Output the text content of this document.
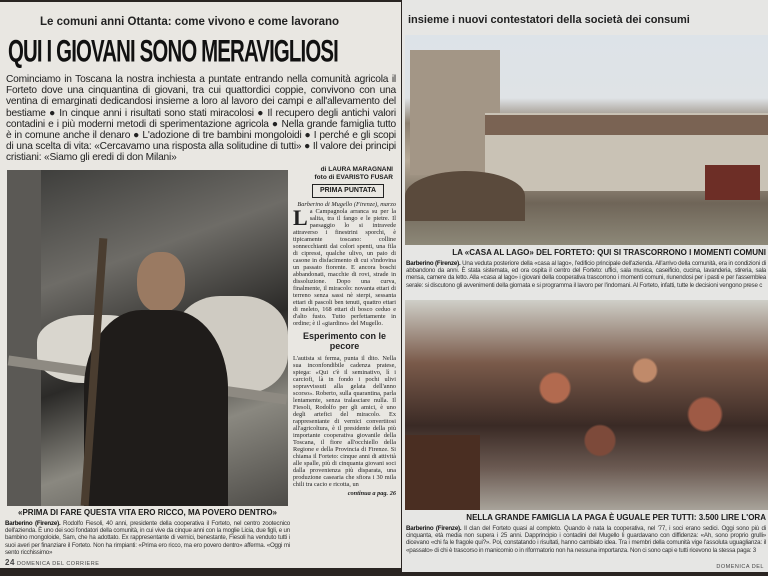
Le comuni anni Ottanta: come vivono e come lavorano
QUI I GIOVANI SONO MERAVIGLIOSI
Cominciamo in Toscana la nostra inchiesta a puntate entrando nella comunità agricola il Forteto dove una cinquantina di giovani, tra cui quattordici coppie, convivono con una ventina di emarginati dedicandosi insieme a loro al lavoro dei campi e all'allevamento del bestiame ● In cinque anni i risultati sono stati miracolosi ● Il recupero degli antichi valori contadini e i più moderni metodi di sperimentazione agricola ● Nella grande famiglia tutto è in comune anche il denaro ● L'adozione di tre bambini mongoloidi ● I perché e gli scopi di una scelta di vita: «Cercavamo una risposta alla solitudine di tutti» ● Il valore dei principi cristiani: «Siamo gli eredi di don Milani»
di LAURA MARAGNANI
foto di EVARISTO FUSAR
PRIMA PUNTATA
Barberino di Mugello (Firenze), marzo
L a Campagnola arranca su per la salita, tra il fango e le pietre. Il paesaggio lo si intravede attraverso i finestrini sporchi, è tipicamente toscano: colline sonnecchianti dai colori spenti, una fila di cipressi, qualche ulivo, un paio di casone in disfacimento di cui s'indovina un passato fiorente. E ancora boschi abbandonati, macchie di rovi, strade in dissoluzione. Dopo una curva, finalmente, il miracolo: novanta ettari di terreno senza sassi nè sterpi, sessanta ettari di pascoli ben tenuti, quattro ettari di meleto, 168 ettari di bosco ceduo e d'alto fusto. Tutto perfettamente in ordine; è il «giardino» del Mugello.
Esperimento con le pecore
L'autista si ferma, punta il dito. Nella sua inconfondibile cadenza pratese, spiega: «Qui c'è il seminativo, lì i carciofi, là in fondo i pochi ulivi sopravvissuti alla gelata dell'anno scorso». Roberto, sulla quarantina, parla lentamente, senza tralasciare nulla. Il Fiesoli, Rodolfo per gli amici, è uno degli artefici del miracolo. Ex rappresentante di vernici convertitosi all'agricoltura, è il presidente della più importante cooperativa giovanile della Toscana, il fiore all'occhiello della Regione e della Provincia di Firenze. Si chiama il Forteto: cinque anni di attività alle spalle, più di cinquanta giovani soci dalla provenienza più disparata, una produzione casearia che sfiora i 30 mila chili tra cacio e ricotta, un
continua a pag. 26
«PRIMA DI FARE QUESTA VITA ERO RICCO, MA POVERO DENTRO»
Barberino (Firenze). Rodolfo Fiesoli, 40 anni, presidente della cooperativa il Forteto, nel centro zootecnico dell'azienda. È uno dei soci fondatori della comunità, in cui vive da cinque anni con la moglie Licia, due figli, e un bambino mongoloide, Sam, che ha adottato. Ex rappresentante di vernici, benestante, Fiesoli ha venduto tutti i suoi averi per finanziare il Forteto. Non ha rimpianti: «Prima ero ricco, ma ero povero dentro» afferma. «Oggi mi sento ricchissimo»
24 DOMENICA DEL CORRIERE
insieme i nuovi contestatori della società dei consumi
LA «CASA AL LAGO» DEL FORTETO: QUI SI TRASCORRONO I MOMENTI COMUNI
Barberino (Firenze). Una veduta posteriore della «casa al lago», l'edificio principale dell'azienda. All'arrivo della comunità, era in condizioni di abbandono da anni. È stata sistemata, ed ora ospita il centro del Forteto: uffici, sala musica, caseificio, cucina, lavanderia, stireria, sala mensa, camere da letto. Alla «casa al lago» i giovani della cooperativa trascorrono i momenti comuni, riunendosi per i pasti e per l'assemblea serale: si discutono gli avvenimenti della giornata e si programma il lavoro per l'indomani. Al Forteto, infatti, tutte le decisioni vengono prese c
NELLA GRANDE FAMIGLIA LA PAGA È UGUALE PER TUTTI: 3.500 LIRE L'ORA
Barberino (Firenze). Il clan del Forteto quasi al completo. Quando è nata la cooperativa, nel '77, i soci erano sedici. Oggi sono più di cinquanta, età media non supera i 25 anni. Dapprincipio i contadini del Mugello li guardavano con diffidenza: «Ah, sono proprio grulli» dicevano «chi fa le fragole qui?». Poi, constatando i risultati, hanno cambiato idea. Tra i membri della comunità vige l'assoluta uguaglianza: il «passato» di chi è trascorso in manicomio o in riformatorio non ha nessuna importanza. Non ci sono capi e tutti ricevono la stessa paga: 3
DOMENICA DEL
